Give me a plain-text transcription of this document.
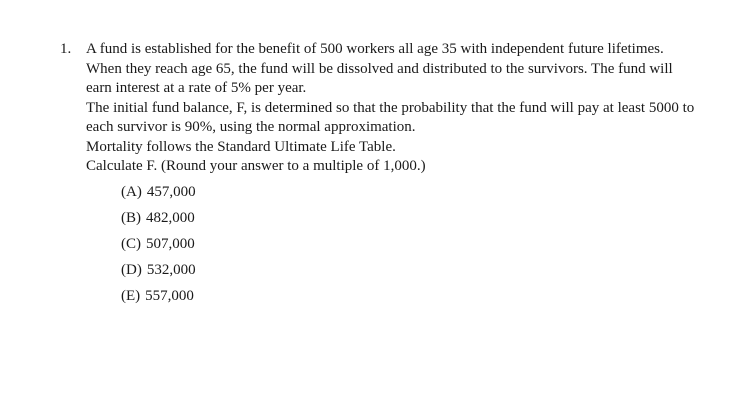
1. A fund is established for the benefit of 500 workers all age 35 with independent future lifetimes. When they reach age 65, the fund will be dissolved and distributed to the survivors. The fund will earn interest at a rate of 5% per year.

The initial fund balance, F, is determined so that the probability that the fund will pay at least 5000 to each survivor is 90%, using the normal approximation.

Mortality follows the Standard Ultimate Life Table.

Calculate F. (Round your answer to a multiple of 1,000.)

(A) 457,000
(B) 482,000
(C) 507,000
(D) 532,000
(E) 557,000
